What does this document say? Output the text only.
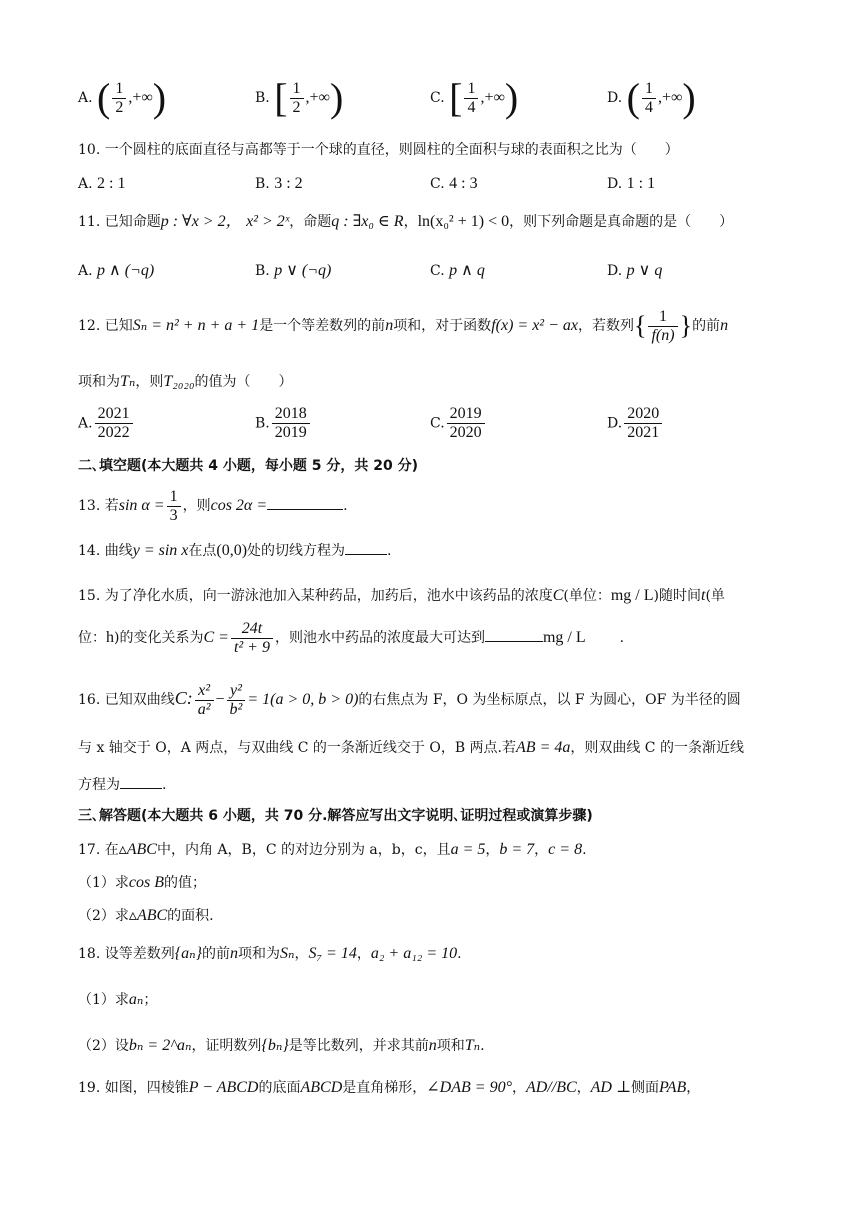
A. ( $\frac{1}{2}$ ,+∞)	B. [ $\frac{1}{2}$ ,+∞)	C. [ $\frac{1}{4}$ ,+∞)	D. ( $\frac{1}{4}$ ,+∞)
10. 一个圆柱的底面直径与高都等于一个球的直径，则圆柱的全面积与球的表面积之比为（　　）
A. 2 : 1	B. 3 : 2	C. 4 : 3	D. 1 : 1
11. 已知命题p : ∀x > 2， x² > 2ˣ，命题q : ∃x₀ ∈ R，ln(x₀² + 1) < 0，则下列命题是真命题的是（　　）
A. p ∧ (¬q)	B. p ∨ (¬q)	C. p ∧ q	D. p ∨ q
12. 已知Sₙ = n² + n + a + 1是一个等差数列的前n项和，对于函数f(x) = x² − ax，若数列{ $\frac{1}{f(n)}$ }的前n
项和为Tₙ，则T₂₀₂₀的值为（　　）
A. $\frac{2021}{2022}$	B. $\frac{2018}{2019}$	C. $\frac{2019}{2020}$	D. $\frac{2020}{2021}$
二､填空题(本大题共 4 小题，每小题 5 分，共 20 分)
13. 若$\sin \alpha = \frac{1}{3}$ ，则cos 2α =	.
14. 曲线y = sin x在点(0,0)处的切线方程为	.
15. 为了净化水质，向一游泳池加入某种药品，加药后，池水中该药品的浓度C(单位：mg / L)随时间t(单
位：h)的变化关系为$C = \frac{24t}{\text{t² + 9}}$ ，则池水中药品的浓度最大可达到	mg / L .
16. 已知双曲线C: $\frac{\text{x²}}{\text{a²}} - \frac{\text{y²}}{\text{b²}} = 1(a > 0$, b > 0)的右焦点为 F，O 为坐标原点，以 F 为圆心，OF 为半径的圆
与 x 轴交于 O，A 两点，与双曲线 C 的一条渐近线交于 O，B 两点.若AB = 4a，则双曲线 C 的一条渐近线
方程为	.
三､解答题(本大题共 6 小题，共 70 分.解答应写出文字说明､证明过程或演算步骤)
17. 在▵ABC中，内角 A，B，C 的对边分别为 a，b，c，且a = 5，b = 7，c = 8.
（1）求cos B的值；
（2）求▵ABC的面积.
18. 设等差数列{aₙ}的前n项和为Sₙ，S₇ = 14，a₂ + a₁₂ = 10.
（1）求aₙ；
（2）设bₙ = 2^aₙ，证明数列{bₙ}是等比数列，并求其前n项和Tₙ.
19. 如图，四棱锥P − ABCD的底面ABCD是直角梯形，∠DAB = 90°，AD//BC，AD ⊥侧面PAB，
